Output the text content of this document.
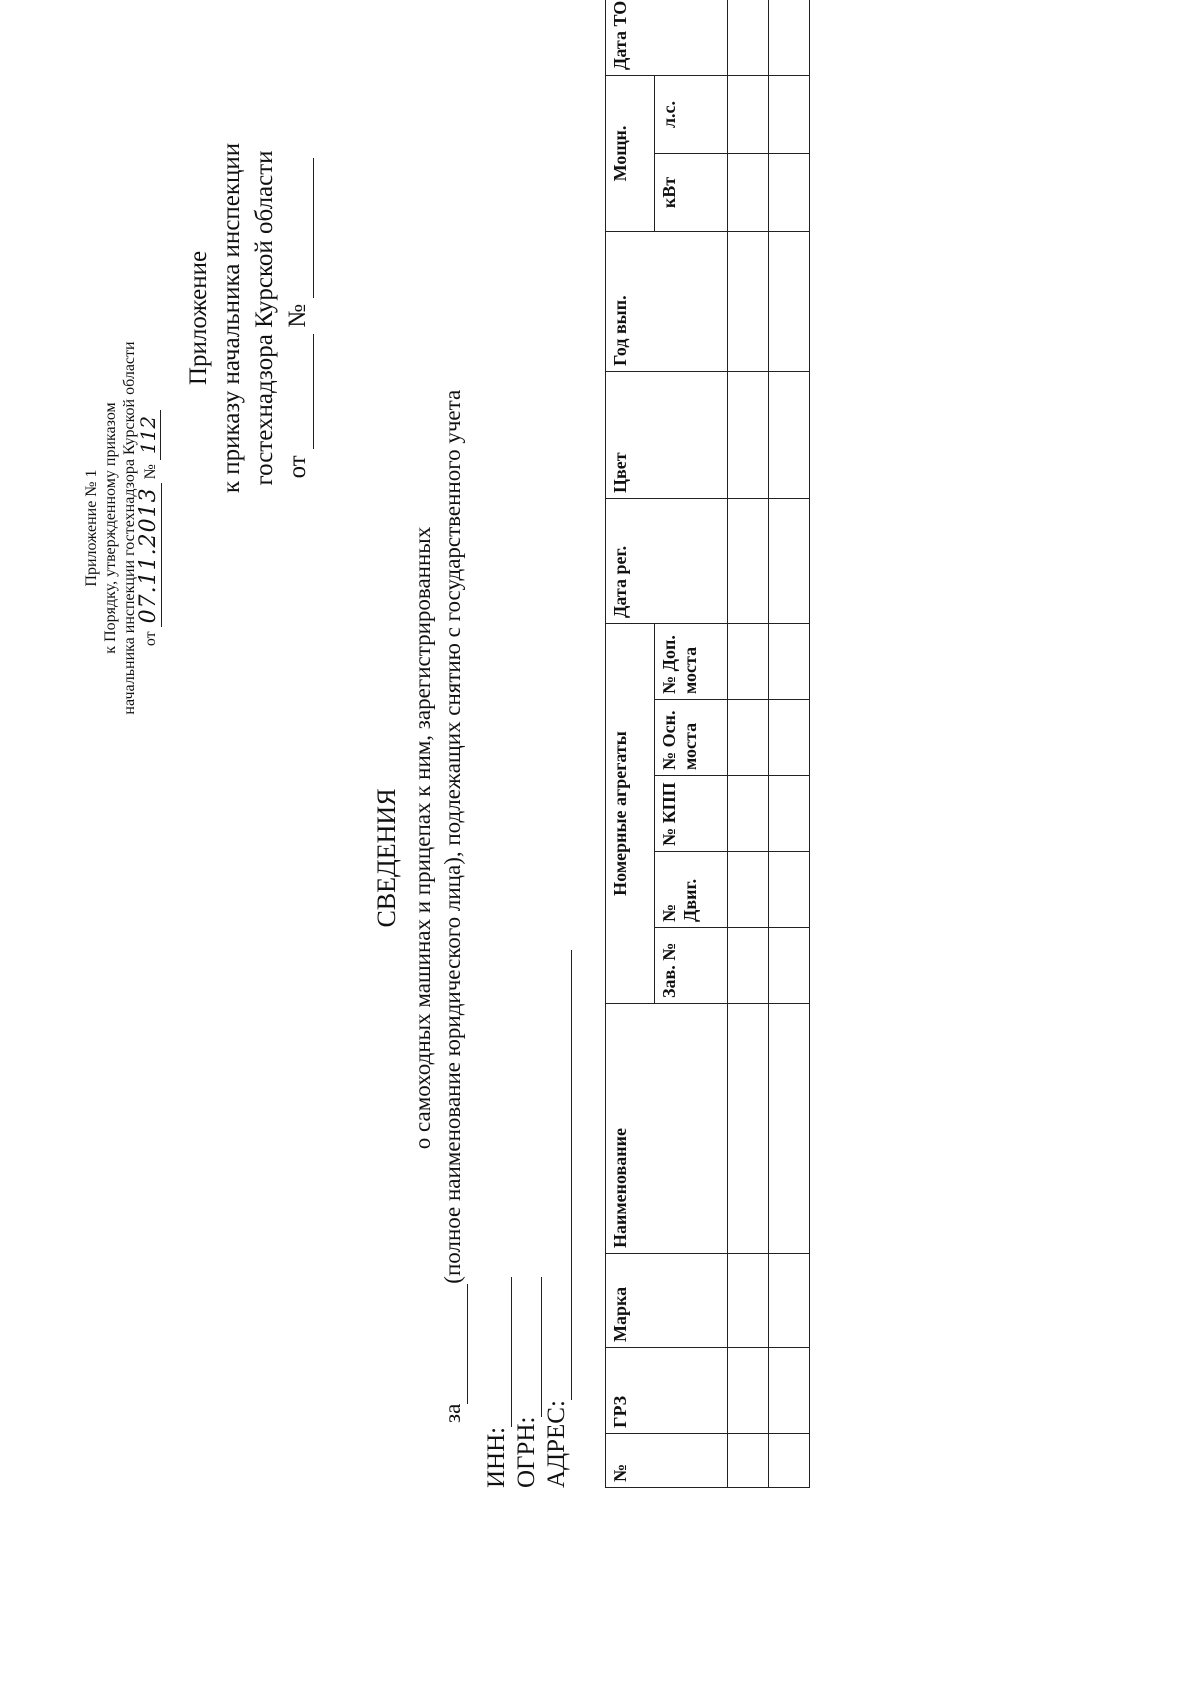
Приложение № 1 к Порядку, утвержденному приказом начальника инспекции гостехнадзора Курской области от 07.11.2013 № 112
Приложение к приказу начальника инспекции гостехнадзора Курской области от  №
СВЕДЕНИЯ о самоходных машинах и прицепах к ним, зарегистрированных
за(полное наименование юридического лица), подлежащих снятию с государственного учета
ИНН: ОГРН: АДРЕС: №	ГРЗ	Марка	Наименование	Номерные агрегаты					Дата рег.	Цвет	Год вып.	Мощн.		Дата ТО
				Зав. №	№ Двиг.	№ КПП	№ Осн. моста	№ Доп. моста				кВт	л.с.	
